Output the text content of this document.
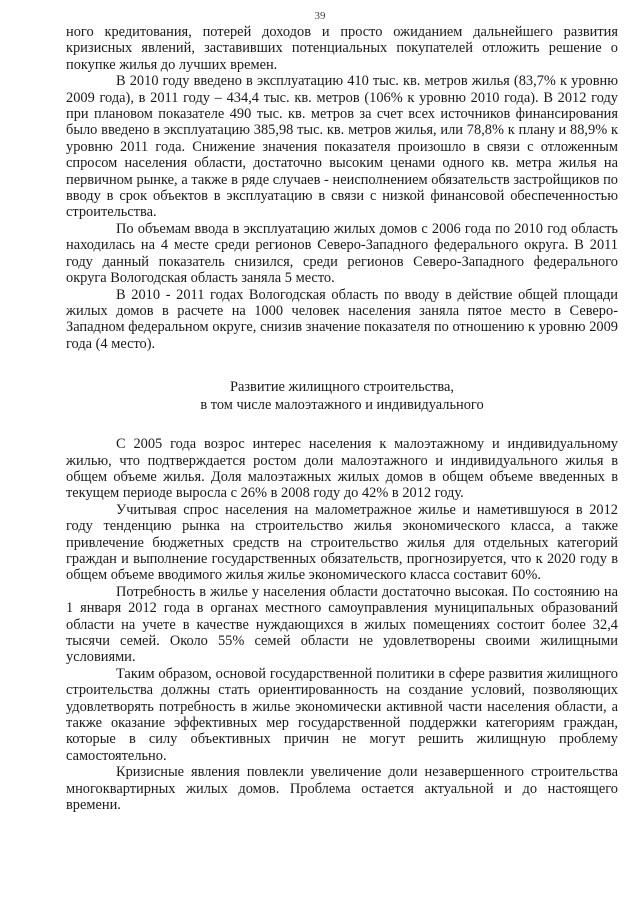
39

ного кредитования, потерей доходов и просто ожиданием дальнейшего развития кризисных явлений, заставивших потенциальных покупателей отложить решение о покупке жилья до лучших времен.

В 2010 году введено в эксплуатацию 410 тыс. кв. метров жилья (83,7% к уровню 2009 года), в 2011 году – 434,4 тыс. кв. метров (106% к уровню 2010 года). В 2012 году при плановом показателе 490 тыс. кв. метров за счет всех источников финансирования было введено в эксплуатацию 385,98 тыс. кв. метров жилья, или 78,8% к плану и 88,9% к уровню 2011 года. Снижение значения показателя произошло в связи с отложенным спросом населения области, достаточно высоким ценами одного кв. метра жилья на первичном рынке, а также в ряде случаев - неисполнением обязательств застройщиков по вводу в срок объектов в эксплуатацию в связи с низкой финансовой обеспеченностью строительства.

По объемам ввода в эксплуатацию жилых домов с 2006 года по 2010 год область находилась на 4 месте среди регионов Северо-Западного федерального округа. В 2011 году данный показатель снизился, среди регионов Северо-Западного федерального округа Вологодская область заняла 5 место.

В 2010 - 2011 годах Вологодская область по вводу в действие общей площади жилых домов в расчете на 1000 человек населения заняла пятое место в Северо-Западном федеральном округе, снизив значение показателя по отношению к уровню 2009 года (4 место).

Развитие жилищного строительства,

в том числе малоэтажного и индивидуального

С 2005 года возрос интерес населения к малоэтажному и индивидуальному жилью, что подтверждается ростом доли малоэтажного и индивидуального жилья в общем объеме жилья. Доля малоэтажных жилых домов в общем объеме введенных в текущем периоде выросла с 26% в 2008 году до 42% в 2012 году.

Учитывая спрос населения на малометражное жилье и наметившуюся в 2012 году тенденцию рынка на строительство жилья экономического класса, а также привлечение бюджетных средств на строительство жилья для отдельных категорий граждан и выполнение государственных обязательств, прогнозируется, что к 2020 году в общем объеме вводимого жилья жилье экономического класса составит 60%.

Потребность в жилье у населения области достаточно высокая. По состоянию на 1 января 2012 года в органах местного самоуправления муниципальных образований области на учете в качестве нуждающихся в жилых помещениях состоит более 32,4 тысячи семей. Около 55% семей области не удовлетворены своими жилищными условиями.

Таким образом, основой государственной политики в сфере развития жилищного строительства должны стать ориентированность на создание условий, позволяющих удовлетворять потребность в жилье экономически активной части населения области, а также оказание эффективных мер государственной поддержки категориям граждан, которые в силу объективных причин не могут решить жилищную проблему самостоятельно.

Кризисные явления повлекли увеличение доли незавершенного строительства многоквартирных жилых домов. Проблема остается актуальной и до настоящего времени.
